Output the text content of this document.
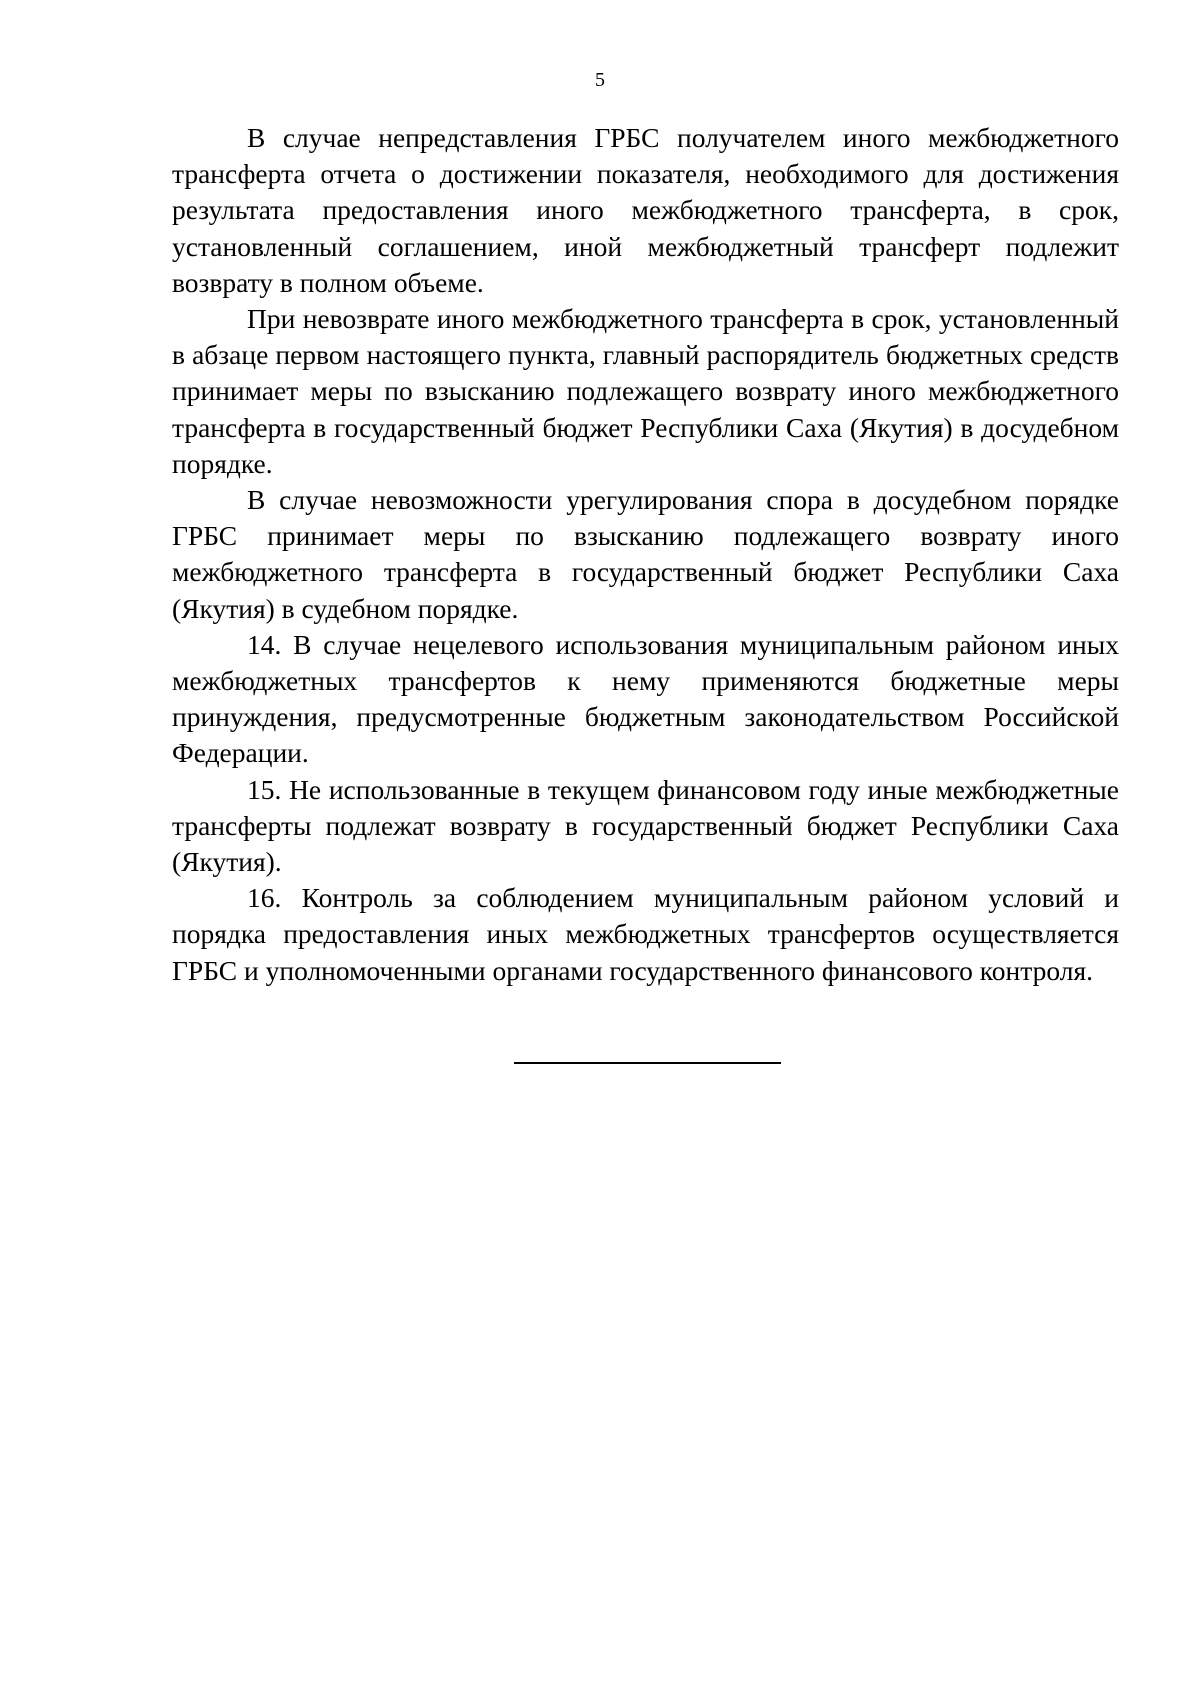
5

В случае непредставления ГРБС получателем иного межбюджетного трансферта отчета о достижении показателя, необходимого для достижения результата предоставления иного межбюджетного трансферта, в срок, установленный соглашением, иной межбюджетный трансферт подлежит возврату в полном объеме.

При невозврате иного межбюджетного трансферта в срок, установленный в абзаце первом настоящего пункта, главный распорядитель бюджетных средств принимает меры по взысканию подлежащего возврату иного межбюджетного трансферта в государственный бюджет Республики Саха (Якутия) в досудебном порядке.

В случае невозможности урегулирования спора в досудебном порядке ГРБС принимает меры по взысканию подлежащего возврату иного межбюджетного трансферта в государственный бюджет Республики Саха (Якутия) в судебном порядке.

14. В случае нецелевого использования муниципальным районом иных межбюджетных трансфертов к нему применяются бюджетные меры принуждения, предусмотренные бюджетным законодательством Российской Федерации.

15. Не использованные в текущем финансовом году иные межбюджетные трансферты подлежат возврату в государственный бюджет Республики Саха (Якутия).

16. Контроль за соблюдением муниципальным районом условий и порядка предоставления иных межбюджетных трансфертов осуществляется ГРБС и уполномоченными органами государственного финансового контроля.
